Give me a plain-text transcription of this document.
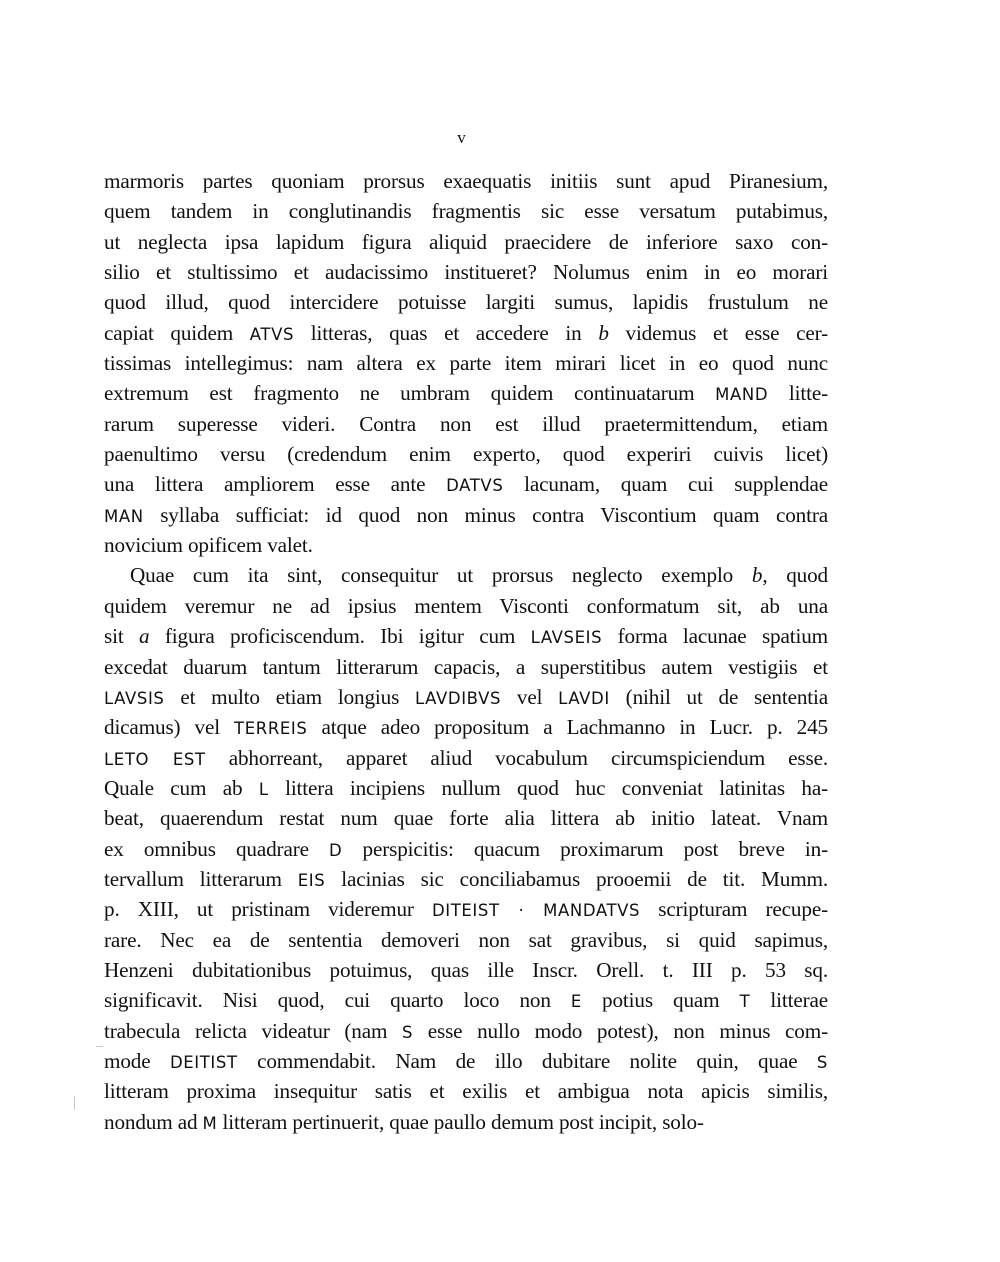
v
marmoris partes quoniam prorsus exaequatis initiis sunt apud Piranesium,
quem tandem in conglutinandis fragmentis sic esse versatum putabimus,
ut neglecta ipsa lapidum figura aliquid praecidere de inferiore saxo con-
silio et stultissimo et audacissimo institueret? Nolumus enim in eo morari
quod illud, quod intercidere potuisse largiti sumus, lapidis frustulum ne
capiat quidem ATVS litteras, quas et accedere in b videmus et esse cer-
tissimas intellegimus: nam altera ex parte item mirari licet in eo quod nunc
extremum est fragmento ne umbram quidem continuatarum MAND litte-
rarum superesse videri. Contra non est illud praetermittendum, etiam
paenultimo versu (credendum enim experto, quod experiri cuivis licet)
una littera ampliorem esse ante DATVS lacunam, quam cui supplendae
MAN syllaba sufficiat: id quod non minus contra Viscontium quam contra
novicium opificem valet.
Quae cum ita sint, consequitur ut prorsus neglecto exemplo b, quod
quidem veremur ne ad ipsius mentem Visconti conformatum sit, ab una
sit a figura proficiscendum. Ibi igitur cum LAVSEIS forma lacunae spatium
excedat duarum tantum litterarum capacis, a superstitibus autem vestigiis et
LAVSIS et multo etiam longius LAVDIBVS vel LAVDI (nihil ut de sententia
dicamus) vel TERREIS atque adeo propositum a Lachmanno in Lucr. p. 245
LETO EST abhorreant, apparet aliud vocabulum circumspiciendum esse.
Quale cum ab L littera incipiens nullum quod huc conveniat latinitas ha-
beat, quaerendum restat num quae forte alia littera ab initio lateat. Vnam
ex omnibus quadrare D perspicitis: quacum proximarum post breve in-
tervallum litterarum EIS lacinias sic conciliabamus prooemii de tit. Mumm.
p. XIII, ut pristinam videremur DITEIST · MANDATVS scripturam recupe-
rare. Nec ea de sententia demoveri non sat gravibus, si quid sapimus,
Henzeni dubitationibus potuimus, quas ille Inscr. Orell. t. III p. 53 sq.
significavit. Nisi quod, cui quarto loco non E potius quam T litterae
trabecula relicta videatur (nam S esse nullo modo potest), non minus com-
mode DEITIST commendabit. Nam de illo dubitare nolite quin, quae S
litteram proxima insequitur satis et exilis et ambigua nota apicis similis,
nondum ad M litteram pertinuerit, quae paullo demum post incipit, solo-
